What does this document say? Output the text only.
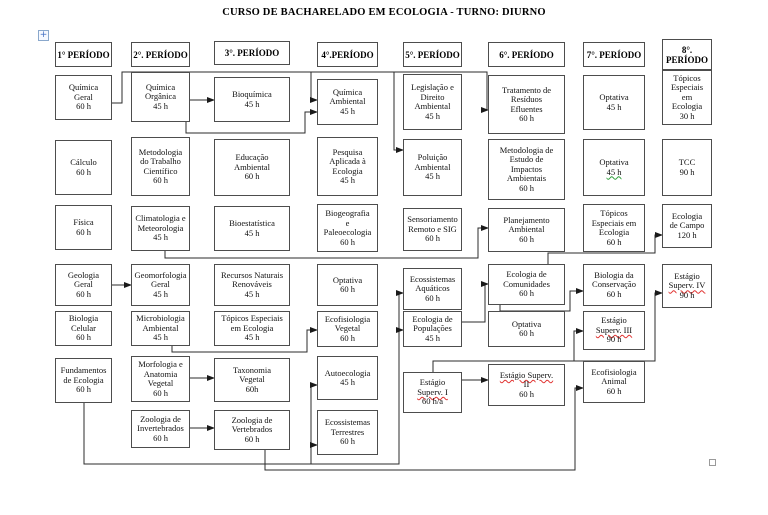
CURSO DE BACHARELADO EM ECOLOGIA - TURNO: DIURNO
+
1° PERÍODO
Química
Geral
60 h
Cálculo
60 h
Física
60 h
Geologia
Geral
60 h
Biologia
Celular
60 h
Fundamentos
de Ecologia
60 h
2°. PERÍODO
Química
Orgânica
45 h
Metodologia
do Trabalho
Científico
60 h
Climatologia e
Meteorologia
45 h
Geomorfologia
Geral
45 h
Microbiologia
Ambiental
45 h
Morfologia e
Anatomia
Vegetal
60 h
Zoologia de
Invertebrados
60 h
3°. PERÍODO
Bioquímica
45 h
Educação
Ambiental
60 h
Bioestatística
45 h
Recursos Naturais
Renováveis
45 h
Tópicos Especiais
em Ecologia
45 h
Taxonomia
Vegetal
60h
Zoologia de
Vertebrados
60 h
4°.PERÍODO
Química
Ambiental
45 h
Pesquisa
Aplicada à
Ecologia
45 h
Biogeografia
e
Paleoecologia
60 h
Optativa
60 h
Ecofisiologia
Vegetal
60 h
Autoecologia
45 h
Ecossistemas
Terrestres
60 h
5°. PERÍODO
Legislação e
Direito
Ambiental
45 h
Poluição
Ambiental
45 h
Sensoriamento
Remoto e SIG
60 h
Ecossistemas
Aquáticos
60 h
Ecologia de
Populações
45 h
Estágio
Superv. I
60 h/a
6°. PERÍODO
Tratamento de
Resíduos
Efluentes
60 h
Metodologia de
Estudo de
Impactos
Ambientais
60 h
Planejamento
Ambiental
60 h
Ecologia de
Comunidades
60 h
Optativa
60 h
Estágio Superv.
II
60 h
7°. PERÍODO
Optativa
45 h
Optativa
45 h
Tópicos
Especiais em
Ecologia
60 h
Biologia da
Conservação
60 h
Estágio
Superv. III
90 h
Ecofisiologia
Animal
60 h
8°. PERÍODO
Tópicos
Especiais
em
Ecologia
30 h
TCC
90 h
Ecologia
de Campo
120 h
Estágio
Superv. IV
90 h
